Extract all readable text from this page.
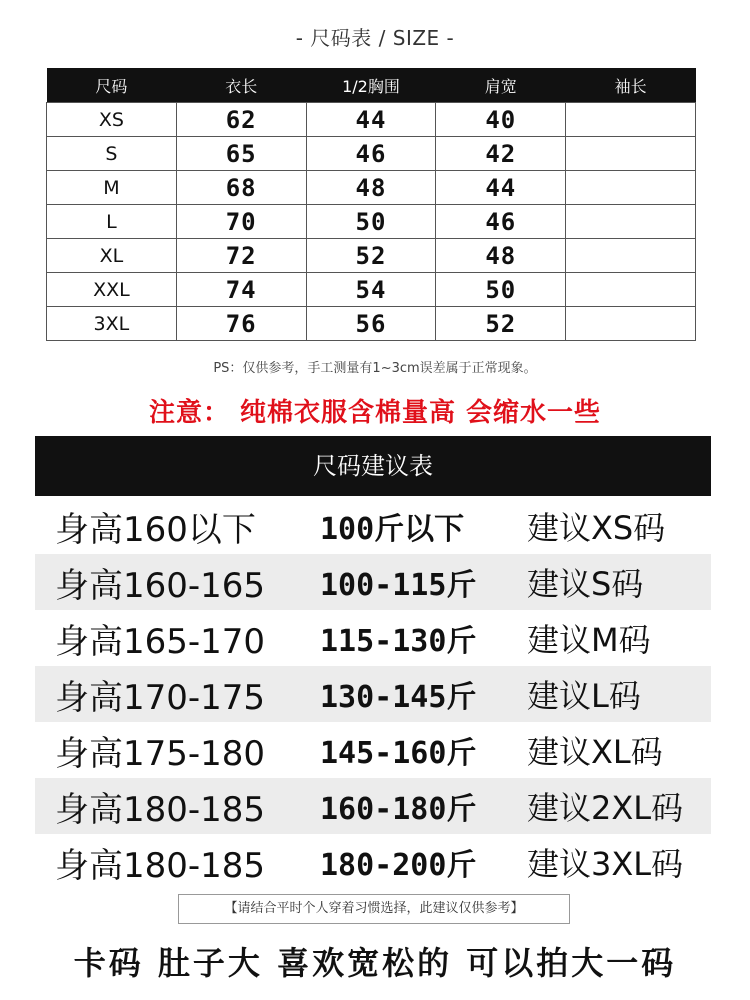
- 尺码表 / SIZE -
尺码	衣长	1/2胸围	肩宽	袖长
XS	62	44	40	
S	65	46	42	
M	68	48	44	
L	70	50	46	
XL	72	52	48	
XXL	74	54	50	
3XL	76	56	52	
PS：仅供参考，手工测量有1~3cm误差属于正常现象。
注意： 纯棉衣服含棉量高 会缩水一些
尺码建议表
身高160以下 100斤以下 建议XS码
身高160-165 100-115斤 建议S码
身高165-170 115-130斤 建议M码
身高170-175 130-145斤 建议L码
身高175-180 145-160斤 建议XL码
身高180-185 160-180斤 建议2XL码
身高180-185 180-200斤 建议3XL码
【请结合平时个人穿着习惯选择，此建议仅供参考】
卡码 肚子大 喜欢宽松的 可以拍大一码
